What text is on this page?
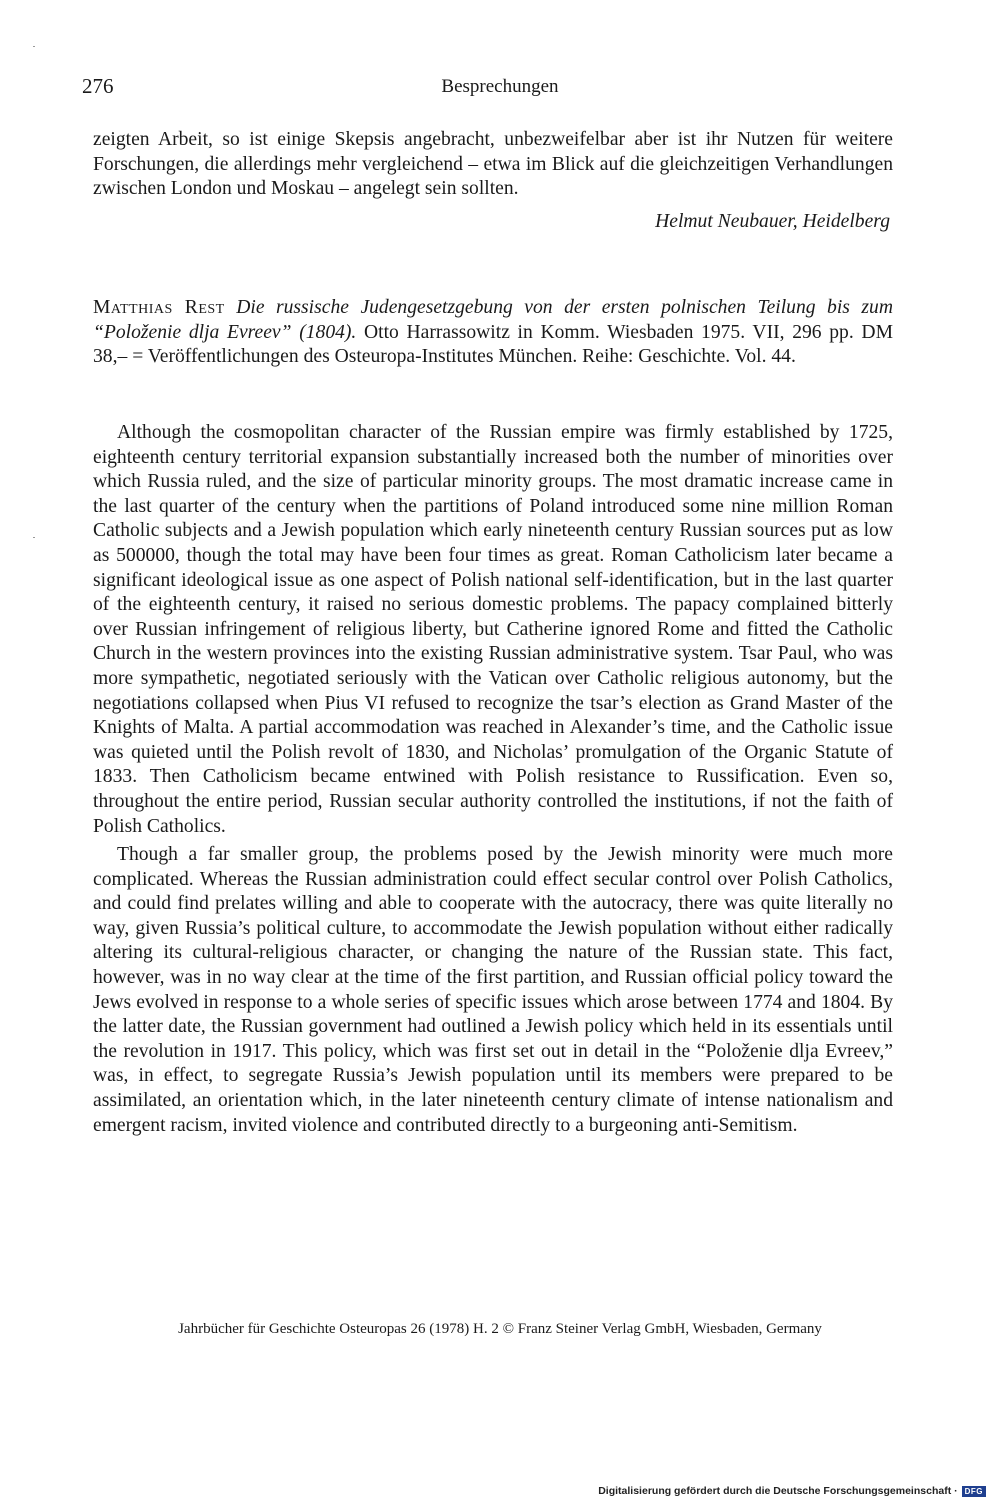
276	Besprechungen
zeigten Arbeit, so ist einige Skepsis angebracht, unbezweifelbar aber ist ihr Nutzen für weitere Forschungen, die allerdings mehr vergleichend – etwa im Blick auf die gleichzeitigen Verhandlungen zwischen London und Moskau – angelegt sein sollten.
Helmut Neubauer, Heidelberg
Matthias Rest Die russische Judengesetzgebung von der ersten polnischen Teilung bis zum “Položenie dlja Evreev” (1804). Otto Harrassowitz in Komm. Wiesbaden 1975. VII, 296 pp. DM 38,– = Veröffentlichungen des Osteuropa-Institutes München. Reihe: Geschichte. Vol. 44.

Although the cosmopolitan character of the Russian empire was firmly established by 1725, eighteenth century territorial expansion substantially increased both the number of minorities over which Russia ruled, and the size of particular minority groups. The most dramatic increase came in the last quarter of the century when the partitions of Poland introduced some nine million Roman Catholic subjects and a Jewish population which early nineteenth century Russian sources put as low as 500000, though the total may have been four times as great. Roman Catholicism later became a significant ideological issue as one aspect of Polish national self-identification, but in the last quarter of the eighteenth century, it raised no serious domestic problems. The papacy complained bitterly over Russian infringement of religious liberty, but Catherine ignored Rome and fitted the Catholic Church in the western provinces into the existing Russian administrative system. Tsar Paul, who was more sympathetic, negotiated seriously with the Vatican over Catholic religious autonomy, but the negotiations collapsed when Pius VI refused to recognize the tsar’s election as Grand Master of the Knights of Malta. A partial accommodation was reached in Alexander’s time, and the Catholic issue was quieted until the Polish revolt of 1830, and Nicholas’ promulgation of the Organic Statute of 1833. Then Catholicism became entwined with Polish resistance to Russification. Even so, throughout the entire period, Russian secular authority controlled the institutions, if not the faith of Polish Catholics.

Though a far smaller group, the problems posed by the Jewish minority were much more complicated. Whereas the Russian administration could effect secular control over Polish Catholics, and could find prelates willing and able to cooperate with the autocracy, there was quite literally no way, given Russia’s political culture, to accommodate the Jewish population without either radically altering its cultural-religious character, or changing the nature of the Russian state. This fact, however, was in no way clear at the time of the first partition, and Russian official policy toward the Jews evolved in response to a whole series of specific issues which arose between 1774 and 1804. By the latter date, the Russian government had outlined a Jewish policy which held in its essentials until the revolution in 1917. This policy, which was first set out in detail in the “Položenie dlja Evreev,” was, in effect, to segregate Russia’s Jewish population until its members were prepared to be assimilated, an orientation which, in the later nineteenth century climate of intense nationalism and emergent racism, invited violence and contributed directly to a burgeoning anti-Semitism.

Jahrbücher für Geschichte Osteuropas 26 (1978) H. 2 © Franz Steiner Verlag GmbH, Wiesbaden, Germany
Digitalisierung gefördert durch die Deutsche Forschungsgemeinschaft · DFG
